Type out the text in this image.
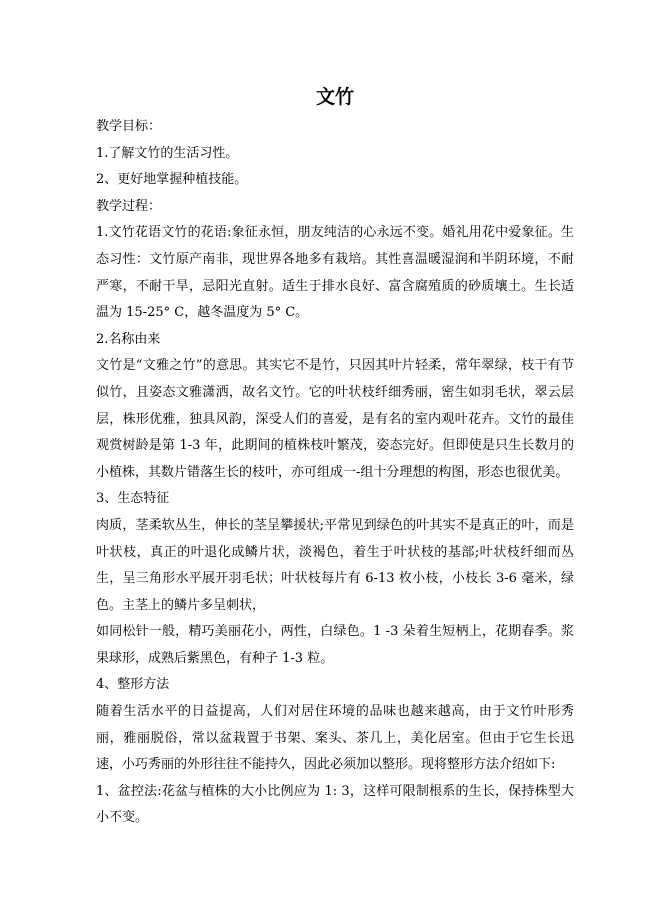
文竹

教学目标：

1.了解文竹的生活习性。

2、更好地掌握种植技能。

教学过程：

1.文竹花语文竹的花语:象征永恒，朋友纯洁的心永远不变。婚礼用花中爱象征。生态习性：文竹原产南非，现世界各地多有栽培。其性喜温暖湿润和半阴环境，不耐严寒，不耐干旱，忌阳光直射。适生于排水良好、富含腐殖质的砂质壤土。生长适温为 15-25° C，越冬温度为 5° C。

2.名称由来

文竹是“文雅之竹”的意思。其实它不是竹，只因其叶片轻柔，常年翠绿，枝干有节似竹，且姿态文雅潇洒，故名文竹。它的叶状枝纤细秀丽，密生如羽毛状，翠云层层，株形优雅，独具风韵，深受人们的喜爱，是有名的室内观叶花卉。文竹的最佳观赏树龄是第 1-3 年，此期间的植株枝叶繁茂，姿态完好。但即使是只生长数月的小植株，其数片错落生长的枝叶，亦可组成一-组十分理想的构图，形态也很优美。

3、生态特征

肉质，茎柔软丛生，伸长的茎呈攀援状;平常见到绿色的叶其实不是真正的叶，而是叶状枝，真正的叶退化成鳞片状，淡褐色，着生于叶状枝的基部;叶状枝纤细而丛生，呈三角形水平展开羽毛状；叶状枝每片有 6-13 枚小枝，小枝长 3-6 毫米，绿色。主茎上的鳞片多呈刺状，

如同松针一般，精巧美丽花小，两性，白绿色。1 -3 朵着生短柄上，花期春季。浆果球形，成熟后紫黑色，有种子 1-3 粒。

4、整形方法

随着生活水平的日益提高，人们对居住环境的品味也越来越高，由于文竹叶形秀丽，雅丽脱俗，常以盆栽置于书架、案头、茶几上，美化居室。但由于它生长迅速，小巧秀丽的外形往往不能持久，因此必须加以整形。现将整形方法介绍如下:

1、盆控法:花盆与植株的大小比例应为 1: 3，这样可限制根系的生长，保持株型大小不变。
